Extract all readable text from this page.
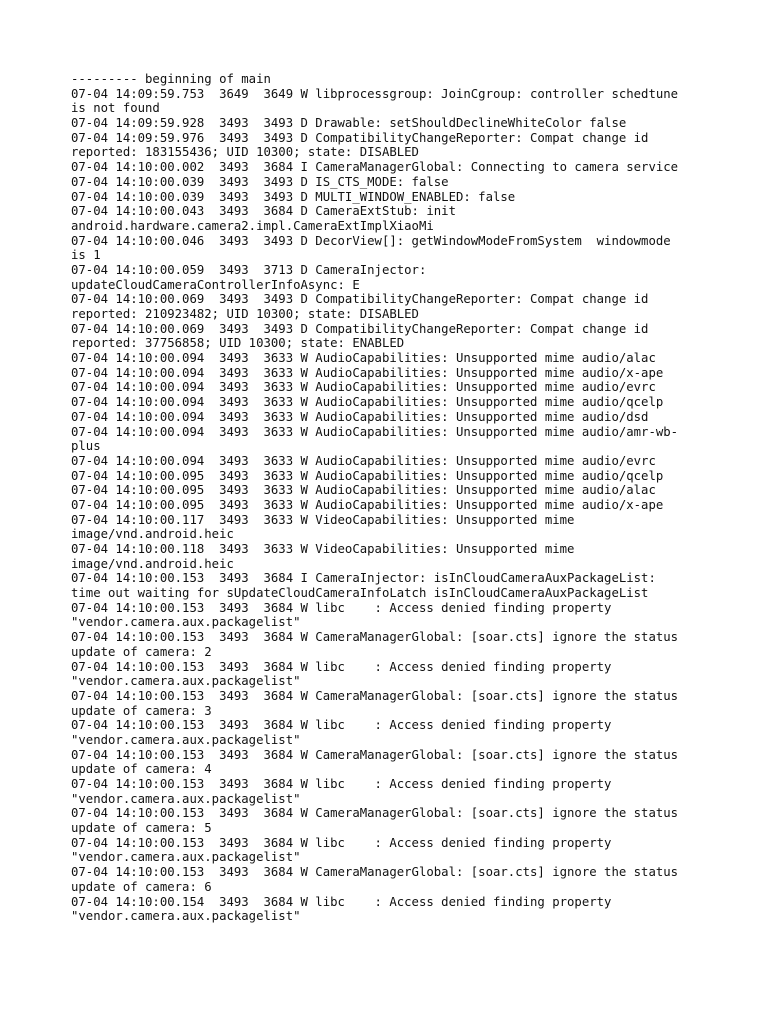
--------- beginning of main
07-04 14:09:59.753  3649  3649 W libprocessgroup: JoinCgroup: controller schedtune
is not found
07-04 14:09:59.928  3493  3493 D Drawable: setShouldDeclineWhiteColor false
07-04 14:09:59.976  3493  3493 D CompatibilityChangeReporter: Compat change id
reported: 183155436; UID 10300; state: DISABLED
07-04 14:10:00.002  3493  3684 I CameraManagerGlobal: Connecting to camera service
07-04 14:10:00.039  3493  3493 D IS_CTS_MODE: false
07-04 14:10:00.039  3493  3493 D MULTI_WINDOW_ENABLED: false
07-04 14:10:00.043  3493  3684 D CameraExtStub: init
android.hardware.camera2.impl.CameraExtImplXiaoMi
07-04 14:10:00.046  3493  3493 D DecorView[]: getWindowModeFromSystem  windowmode
is 1
07-04 14:10:00.059  3493  3713 D CameraInjector:
updateCloudCameraControllerInfoAsync: E
07-04 14:10:00.069  3493  3493 D CompatibilityChangeReporter: Compat change id
reported: 210923482; UID 10300; state: DISABLED
07-04 14:10:00.069  3493  3493 D CompatibilityChangeReporter: Compat change id
reported: 37756858; UID 10300; state: ENABLED
07-04 14:10:00.094  3493  3633 W AudioCapabilities: Unsupported mime audio/alac
07-04 14:10:00.094  3493  3633 W AudioCapabilities: Unsupported mime audio/x-ape
07-04 14:10:00.094  3493  3633 W AudioCapabilities: Unsupported mime audio/evrc
07-04 14:10:00.094  3493  3633 W AudioCapabilities: Unsupported mime audio/qcelp
07-04 14:10:00.094  3493  3633 W AudioCapabilities: Unsupported mime audio/dsd
07-04 14:10:00.094  3493  3633 W AudioCapabilities: Unsupported mime audio/amr-wb-
plus
07-04 14:10:00.094  3493  3633 W AudioCapabilities: Unsupported mime audio/evrc
07-04 14:10:00.095  3493  3633 W AudioCapabilities: Unsupported mime audio/qcelp
07-04 14:10:00.095  3493  3633 W AudioCapabilities: Unsupported mime audio/alac
07-04 14:10:00.095  3493  3633 W AudioCapabilities: Unsupported mime audio/x-ape
07-04 14:10:00.117  3493  3633 W VideoCapabilities: Unsupported mime
image/vnd.android.heic
07-04 14:10:00.118  3493  3633 W VideoCapabilities: Unsupported mime
image/vnd.android.heic
07-04 14:10:00.153  3493  3684 I CameraInjector: isInCloudCameraAuxPackageList:
time out waiting for sUpdateCloudCameraInfoLatch isInCloudCameraAuxPackageList
07-04 14:10:00.153  3493  3684 W libc    : Access denied finding property
"vendor.camera.aux.packagelist"
07-04 14:10:00.153  3493  3684 W CameraManagerGlobal: [soar.cts] ignore the status
update of camera: 2
07-04 14:10:00.153  3493  3684 W libc    : Access denied finding property
"vendor.camera.aux.packagelist"
07-04 14:10:00.153  3493  3684 W CameraManagerGlobal: [soar.cts] ignore the status
update of camera: 3
07-04 14:10:00.153  3493  3684 W libc    : Access denied finding property
"vendor.camera.aux.packagelist"
07-04 14:10:00.153  3493  3684 W CameraManagerGlobal: [soar.cts] ignore the status
update of camera: 4
07-04 14:10:00.153  3493  3684 W libc    : Access denied finding property
"vendor.camera.aux.packagelist"
07-04 14:10:00.153  3493  3684 W CameraManagerGlobal: [soar.cts] ignore the status
update of camera: 5
07-04 14:10:00.153  3493  3684 W libc    : Access denied finding property
"vendor.camera.aux.packagelist"
07-04 14:10:00.153  3493  3684 W CameraManagerGlobal: [soar.cts] ignore the status
update of camera: 6
07-04 14:10:00.154  3493  3684 W libc    : Access denied finding property
"vendor.camera.aux.packagelist"
